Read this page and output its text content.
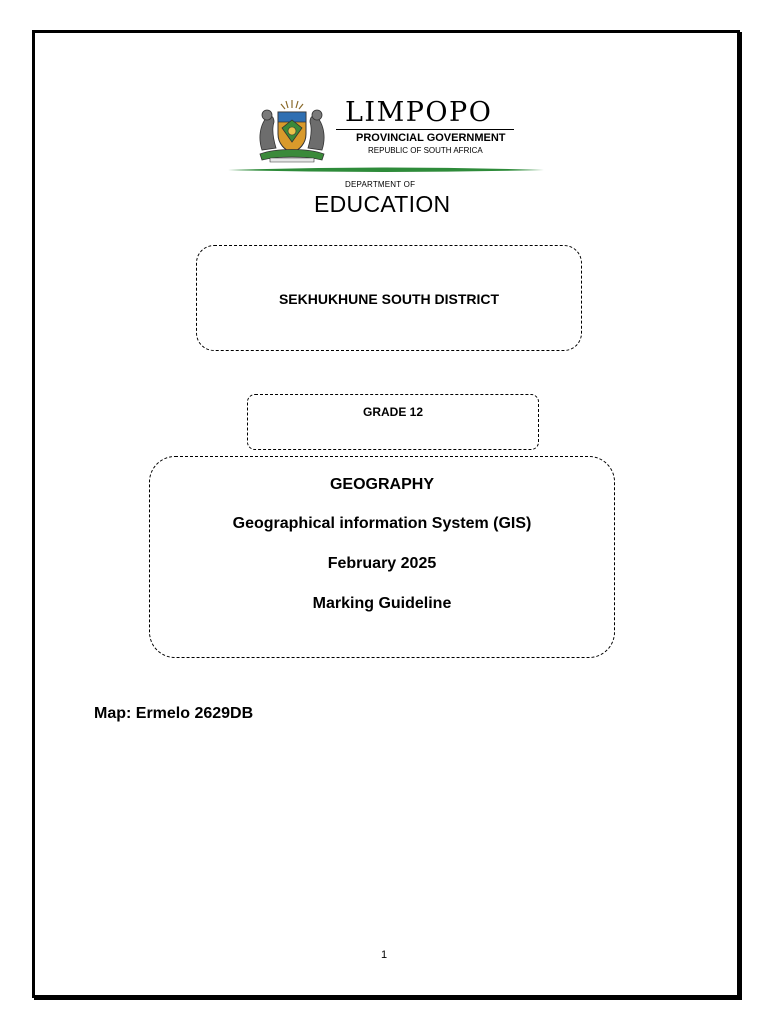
LIMPOPO
PROVINCIAL GOVERNMENT
REPUBLIC OF SOUTH AFRICA
DEPARTMENT OF
EDUCATION
SEKHUKHUNE SOUTH DISTRICT
GRADE 12
GEOGRAPHY
Geographical information System (GIS)
February 2025
Marking Guideline
Map: Ermelo 2629DB
1
